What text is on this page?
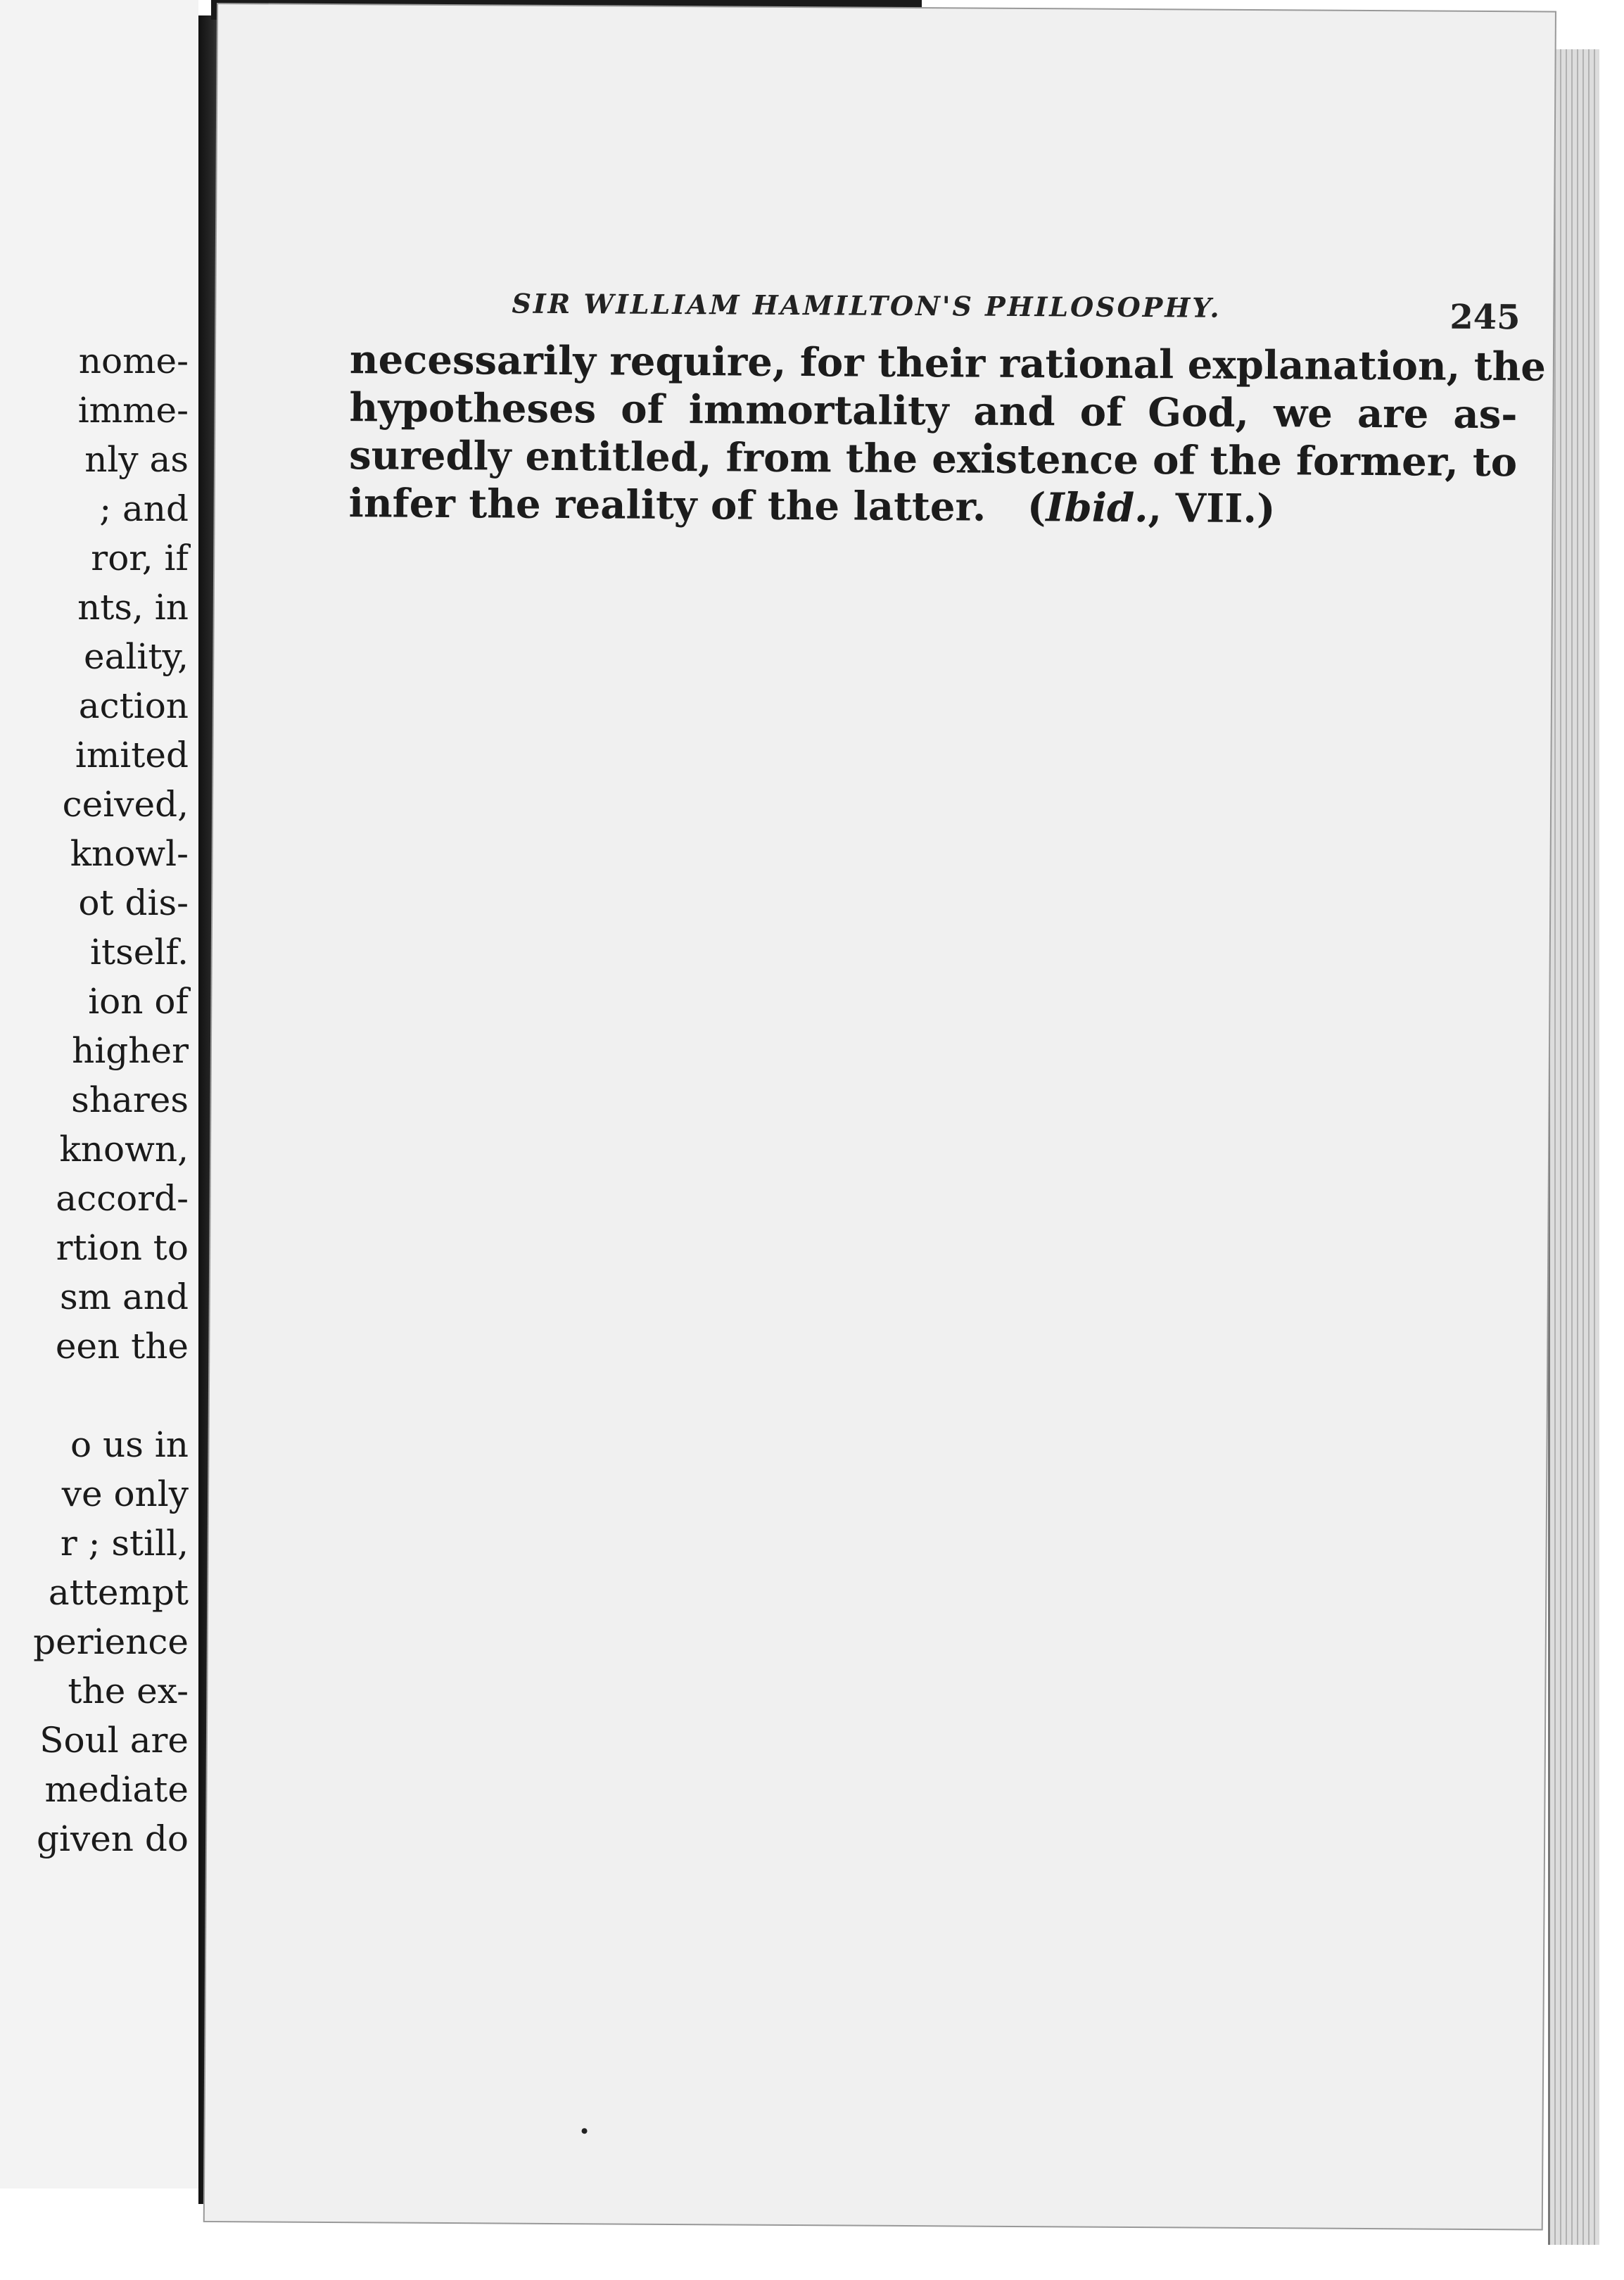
nome-
imme-
nly as
; and
ror, if
nts, in
eality,
action
imited
ceived,
knowl-
ot dis-
itself.
ion of
higher
shares
known,
accord-
rtion to
sm and
een the
o us in
ve only
r ; still,
attempt
perience
the ex-
Soul are
mediate
given do
SIR WILLIAM HAMILTON'S PHILOSOPHY.	245
necessarily require, for their rational explanation, the
hypotheses of immortality and of God, we are as-
suredly entitled, from the existence of the former, to
infer the reality of the latter. (Ibid., VII.)
